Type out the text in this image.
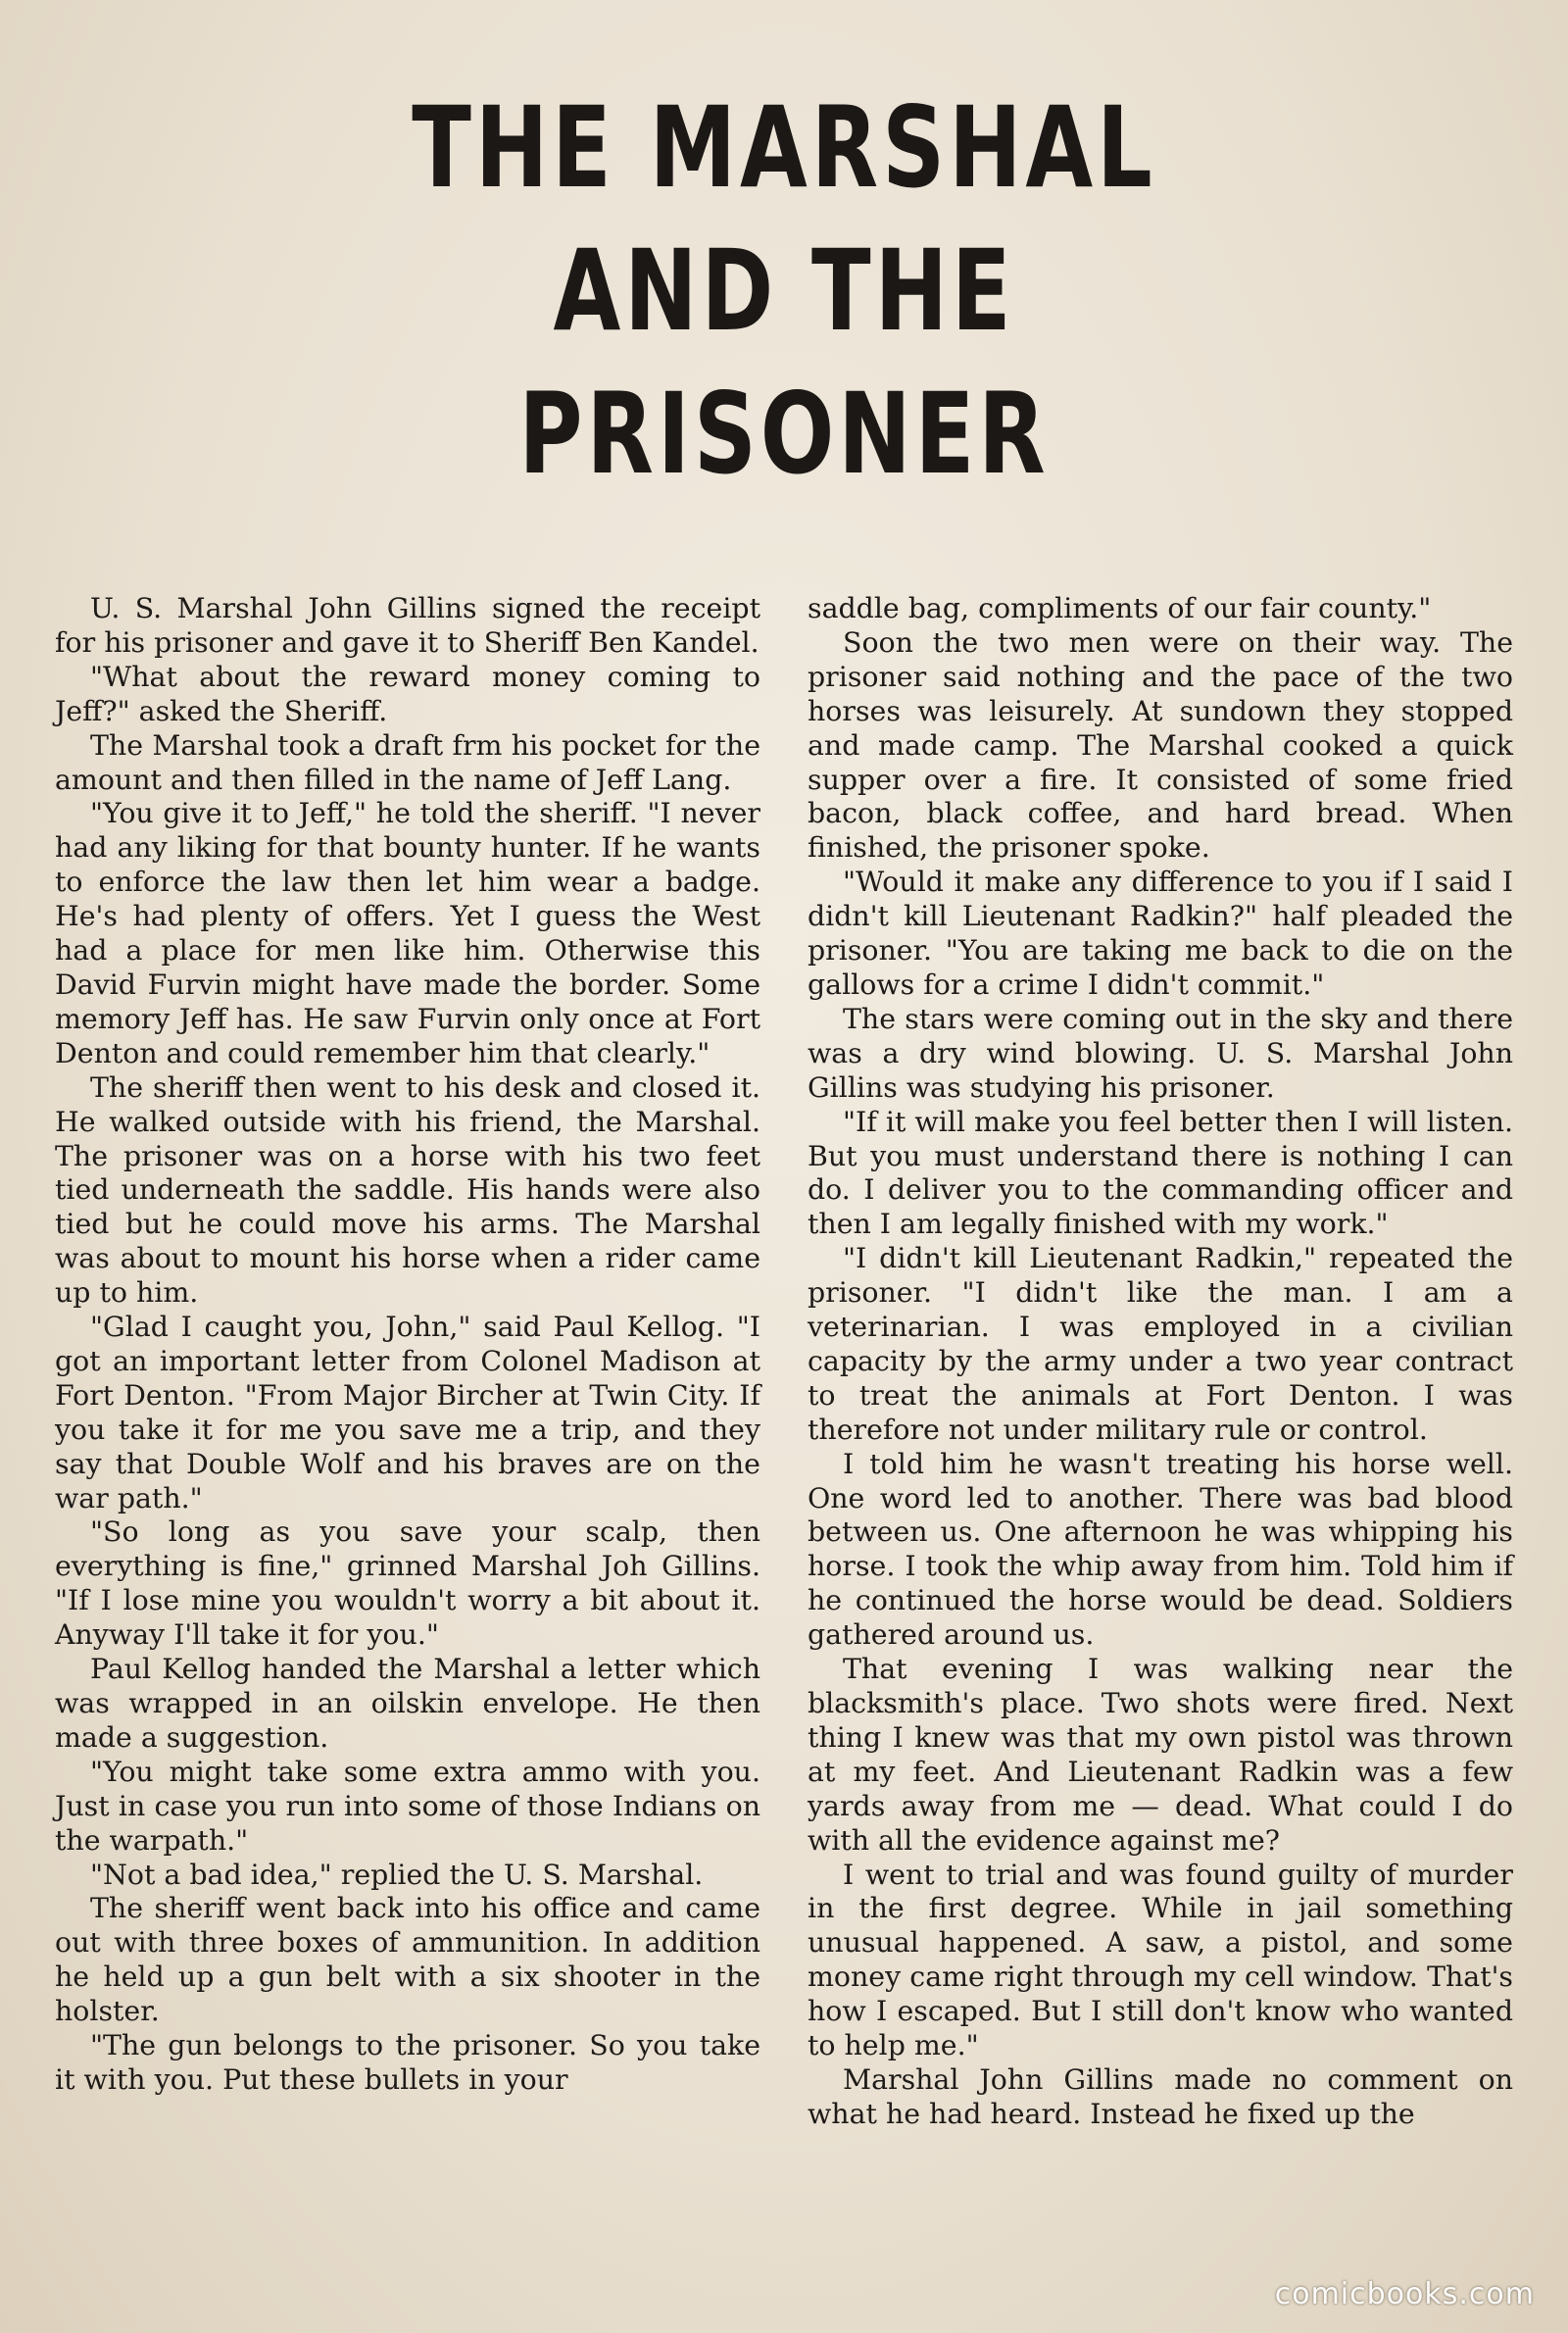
THE MARSHAL
AND THE
PRISONER

U. S. Marshal John Gillins signed the receipt for his prisoner and gave it to Sheriff Ben Kandel.

"What about the reward money coming to Jeff?" asked the Sheriff.

The Marshal took a draft frm his pocket for the amount and then filled in the name of Jeff Lang.

"You give it to Jeff," he told the sheriff. "I never had any liking for that bounty hunter. If he wants to enforce the law then let him wear a badge. He's had plenty of offers. Yet I guess the West had a place for men like him. Otherwise this David Furvin might have made the border. Some memory Jeff has. He saw Furvin only once at Fort Denton and could remember him that clearly."

The sheriff then went to his desk and closed it. He walked outside with his friend, the Marshal. The prisoner was on a horse with his two feet tied underneath the saddle. His hands were also tied but he could move his arms. The Marshal was about to mount his horse when a rider came up to him.

"Glad I caught you, John," said Paul Kellog. "I got an important letter from Colonel Madison at Fort Denton. "From Major Bircher at Twin City. If you take it for me you save me a trip, and they say that Double Wolf and his braves are on the war path."

"So long as you save your scalp, then everything is fine," grinned Marshal Joh Gillins. "If I lose mine you wouldn't worry a bit about it. Anyway I'll take it for you."

Paul Kellog handed the Marshal a letter which was wrapped in an oilskin envelope. He then made a suggestion.

"You might take some extra ammo with you. Just in case you run into some of those Indians on the warpath."

"Not a bad idea," replied the U. S. Marshal.

The sheriff went back into his office and came out with three boxes of ammunition. In addition he held up a gun belt with a six shooter in the holster.

"The gun belongs to the prisoner. So you take it with you. Put these bullets in your

saddle bag, compliments of our fair county."

Soon the two men were on their way. The prisoner said nothing and the pace of the two horses was leisurely. At sundown they stopped and made camp. The Marshal cooked a quick supper over a fire. It consisted of some fried bacon, black coffee, and hard bread. When finished, the prisoner spoke.

"Would it make any difference to you if I said I didn't kill Lieutenant Radkin?" half pleaded the prisoner. "You are taking me back to die on the gallows for a crime I didn't commit."

The stars were coming out in the sky and there was a dry wind blowing. U. S. Marshal John Gillins was studying his prisoner.

"If it will make you feel better then I will listen. But you must understand there is nothing I can do. I deliver you to the commanding officer and then I am legally finished with my work."

"I didn't kill Lieutenant Radkin," repeated the prisoner. "I didn't like the man. I am a veterinarian. I was employed in a civilian capacity by the army under a two year contract to treat the animals at Fort Denton. I was therefore not under military rule or control.

I told him he wasn't treating his horse well. One word led to another. There was bad blood between us. One afternoon he was whipping his horse. I took the whip away from him. Told him if he continued the horse would be dead. Soldiers gathered around us.

That evening I was walking near the blacksmith's place. Two shots were fired. Next thing I knew was that my own pistol was thrown at my feet. And Lieutenant Radkin was a few yards away from me — dead. What could I do with all the evidence against me?

I went to trial and was found guilty of murder in the first degree. While in jail something unusual happened. A saw, a pistol, and some money came right through my cell window. That's how I escaped. But I still don't know who wanted to help me."

Marshal John Gillins made no comment on what he had heard. Instead he fixed up the

comicbooks.com
